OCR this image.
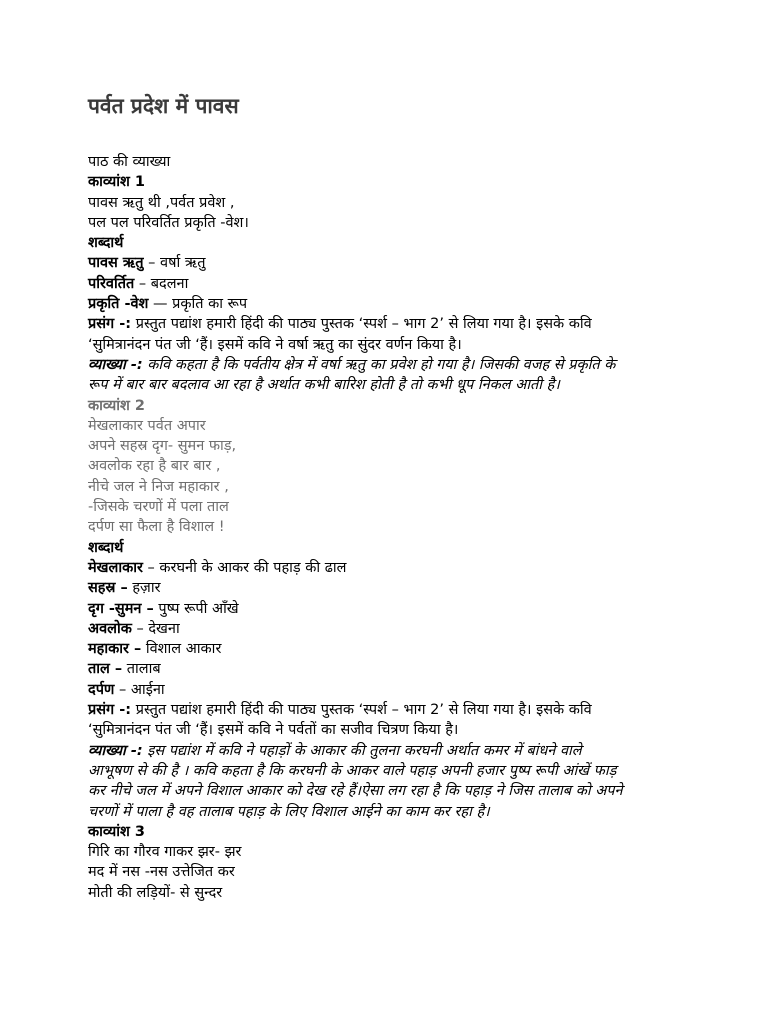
पर्वत प्रदेश में पावस
पाठ की व्याख्या
काव्यांश 1
पावस ऋतु थी ,पर्वत प्रवेश ,
पल पल परिवर्तित प्रकृति -वेश।
शब्दार्थ
पावस ऋतु – वर्षा ऋतु
परिवर्तित – बदलना
प्रकृति -वेश — प्रकृति का रूप
प्रसंग -: प्रस्तुत पद्यांश हमारी हिंदी की पाठ्य पुस्तक ‘स्पर्श – भाग 2’ से लिया गया है। इसके कवि
‘सुमित्रानंदन पंत जी ‘हैं। इसमें कवि ने वर्षा ऋतु का सुंदर वर्णन किया है।
व्याख्या -: कवि कहता है कि पर्वतीय क्षेत्र में वर्षा ऋतु का प्रवेश हो गया है। जिसकी वजह से प्रकृति के
रूप में बार बार बदलाव आ रहा है अर्थात कभी बारिश होती है तो कभी धूप निकल आती है।
काव्यांश 2
मेखलाकार पर्वत अपार
अपने सहस्र दृग- सुमन फाड़,
अवलोक रहा है बार बार ,
नीचे जल ने निज महाकार ,
-जिसके चरणों में पला ताल
दर्पण सा फैला है विशाल !
शब्दार्थ
मेखलाकार – करघनी के आकर की पहाड़ की ढाल
सहस्र – हज़ार
दृग -सुमन – पुष्प रूपी आँखे
अवलोक – देखना
महाकार – विशाल आकार
ताल – तालाब
दर्पण – आईना
प्रसंग -: प्रस्तुत पद्यांश हमारी हिंदी की पाठ्य पुस्तक ‘स्पर्श – भाग 2’ से लिया गया है। इसके कवि
‘सुमित्रानंदन पंत जी ‘हैं। इसमें कवि ने पर्वतों का सजीव चित्रण किया है।
व्याख्या -: इस पद्यांश में कवि ने पहाड़ों के आकार की तुलना करघनी अर्थात कमर में बांधने वाले
आभूषण से की है । कवि कहता है कि करघनी के आकर वाले पहाड़ अपनी हजार पुष्प रूपी आंखें फाड़
कर नीचे जल में अपने विशाल आकार को देख रहे हैं।ऐसा लग रहा है कि पहाड़ ने जिस तालाब को अपने
चरणों में पाला है वह तालाब पहाड़ के लिए विशाल आईने का काम कर रहा है।
काव्यांश 3
गिरि का गौरव गाकर झर- झर
मद में नस -नस उत्तेजित कर
मोती की लड़ियों- से सुन्दर
